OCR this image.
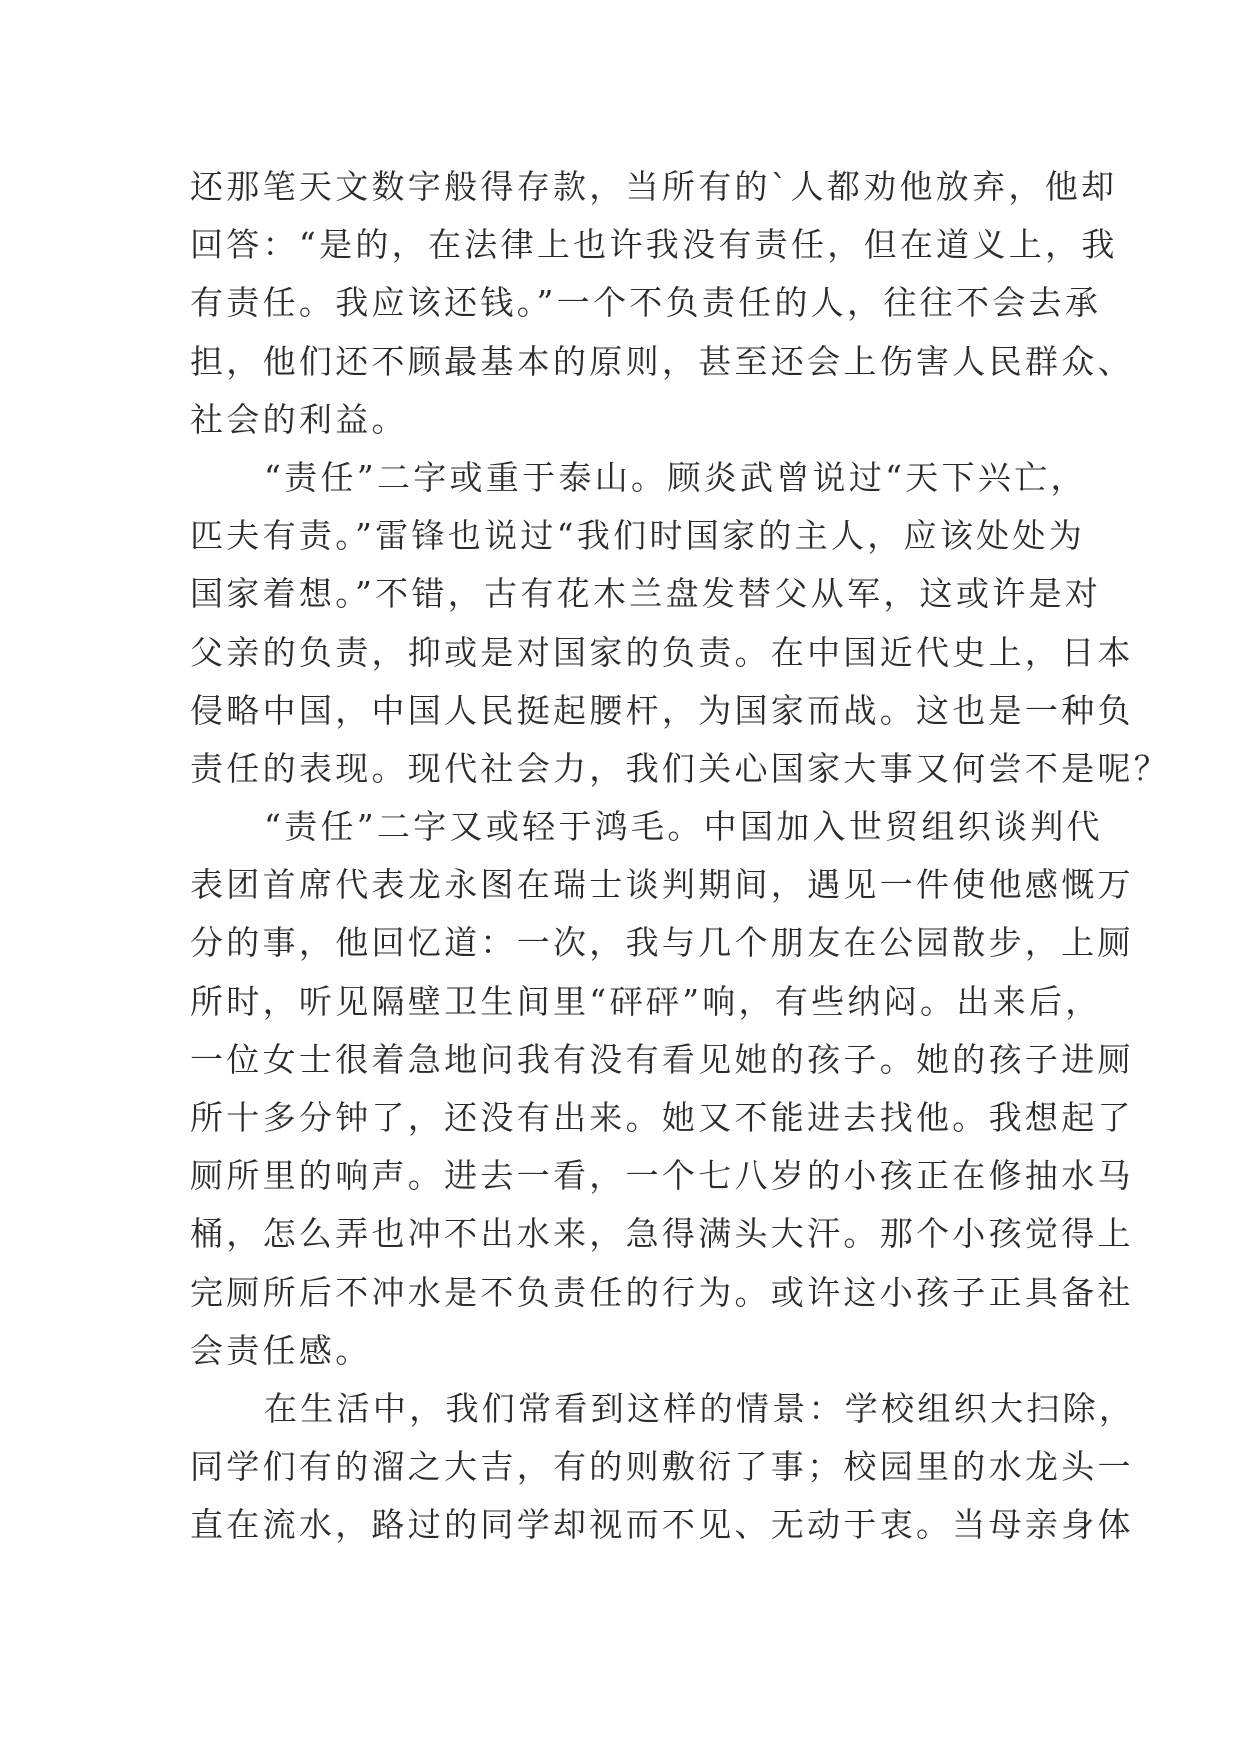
还那笔天文数字般得存款，当所有的`人都劝他放弃，他却
回答：“是的，在法律上也许我没有责任，但在道义上，我
有责任。我应该还钱。”一个不负责任的人，往往不会去承
担，他们还不顾最基本的原则，甚至还会上伤害人民群众、
社会的利益。
“责任”二字或重于泰山。顾炎武曾说过“天下兴亡，
匹夫有责。”雷锋也说过“我们时国家的主人，应该处处为
国家着想。”不错，古有花木兰盘发替父从军，这或许是对
父亲的负责，抑或是对国家的负责。在中国近代史上，日本
侵略中国，中国人民挺起腰杆，为国家而战。这也是一种负
责任的表现。现代社会力，我们关心国家大事又何尝不是呢？
“责任”二字又或轻于鸿毛。中国加入世贸组织谈判代
表团首席代表龙永图在瑞士谈判期间，遇见一件使他感慨万
分的事，他回忆道：一次，我与几个朋友在公园散步，上厕
所时，听见隔壁卫生间里“砰砰”响，有些纳闷。出来后，
一位女士很着急地问我有没有看见她的孩子。她的孩子进厕
所十多分钟了，还没有出来。她又不能进去找他。我想起了
厕所里的响声。进去一看，一个七八岁的小孩正在修抽水马
桶，怎么弄也冲不出水来，急得满头大汗。那个小孩觉得上
完厕所后不冲水是不负责任的行为。或许这小孩子正具备社
会责任感。
在生活中，我们常看到这样的情景：学校组织大扫除，
同学们有的溜之大吉，有的则敷衍了事；校园里的水龙头一
直在流水，路过的同学却视而不见、无动于衷。当母亲身体
